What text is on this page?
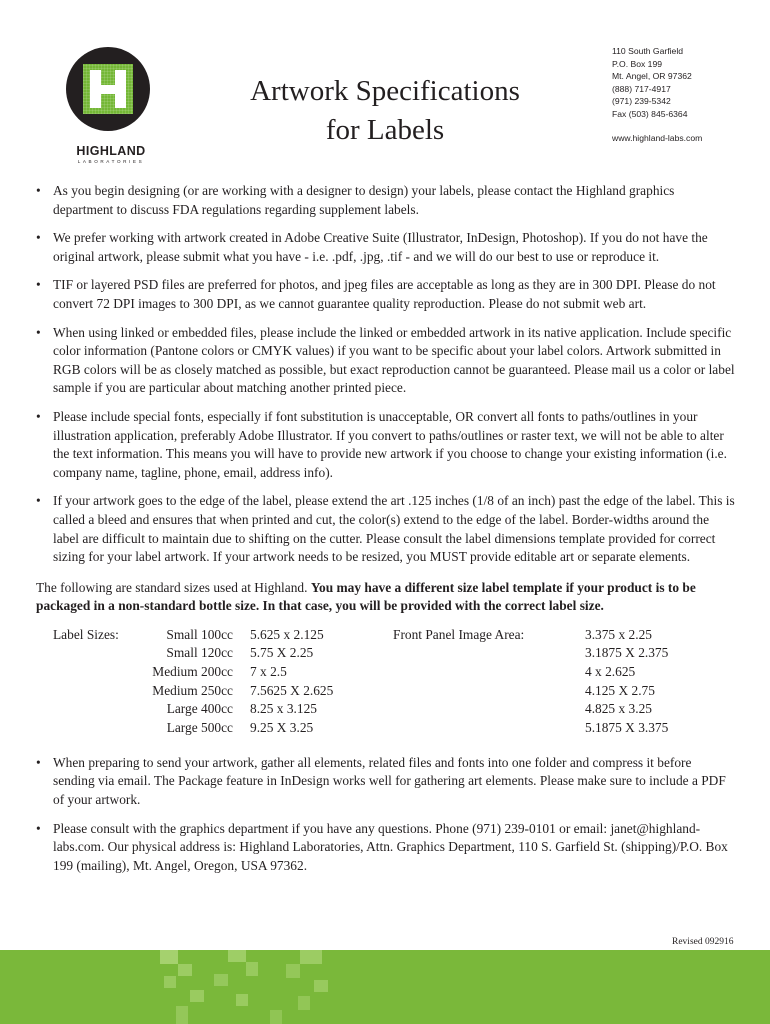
HIGHLAND
LABORATORIES
Artwork Specifications
for Labels
110 South Garfield
P.O. Box 199
Mt. Angel, OR 97362
(888) 717-4917
(971) 239-5342
Fax (503) 845-6364
www.highland-labs.com
• As you begin designing (or are working with a designer to design) your labels, please contact the Highland graphics department to discuss FDA regulations regarding supplement labels.
• We prefer working with artwork created in Adobe Creative Suite (Illustrator, InDesign, Photoshop). If you do not have the original artwork, please submit what you have - i.e. .pdf, .jpg, .tif - and we will do our best to use or reproduce it.
• TIF or layered PSD files are preferred for photos, and jpeg files are acceptable as long as they are in 300 DPI. Please do not convert 72 DPI images to 300 DPI, as we cannot guarantee quality reproduction. Please do not submit web art.
• When using linked or embedded files, please include the linked or embedded artwork in its native application. Include specific color information (Pantone colors or CMYK values) if you want to be specific about your label colors. Artwork submitted in RGB colors will be as closely matched as possible, but exact reproduction cannot be guaranteed. Please mail us a color or label sample if you are particular about matching another printed piece.
• Please include special fonts, especially if font substitution is unacceptable, OR convert all fonts to paths/outlines in your illustration application, preferably Adobe Illustrator. If you convert to paths/outlines or raster text, we will not be able to alter the text information. This means you will have to provide new artwork if you choose to change your existing information (i.e. company name, tagline, phone, email, address info).
• If your artwork goes to the edge of the label, please extend the art .125 inches (1/8 of an inch) past the edge of the label. This is called a bleed and ensures that when printed and cut, the color(s) extend to the edge of the label. Border-widths around the label are difficult to maintain due to shifting on the cutter. Please consult the label dimensions template provided for correct sizing for your label artwork. If your artwork needs to be resized, you MUST provide editable art or separate elements.
The following are standard sizes used at Highland. You may have a different size label template if your product is to be packaged in a non-standard bottle size. In that case, you will be provided with the correct label size.
Label Sizes:	Small 100cc
Small 120cc
Medium 200cc
Medium 250cc
Large 400cc
Large 500cc
5.625 x 2.125
5.75 X 2.25
7 x 2.5
7.5625 X 2.625
8.25 x 3.125
9.25 X 3.25
Front Panel Image Area:	3.375 x 2.25
3.1875 X 2.375
4 x 2.625
4.125 X 2.75
4.825 x 3.25
5.1875 X 3.375
• When preparing to send your artwork, gather all elements, related files and fonts into one folder and compress it before sending via email. The Package feature in InDesign works well for gathering art elements. Please make sure to include a PDF of your artwork.
• Please consult with the graphics department if you have any questions. Phone (971) 239-0101 or email: janet@highland-labs.com. Our physical address is: Highland Laboratories, Attn. Graphics Department, 110 S. Garfield St. (shipping)/P.O. Box 199 (mailing), Mt. Angel, Oregon, USA 97362.
Revised 092916
